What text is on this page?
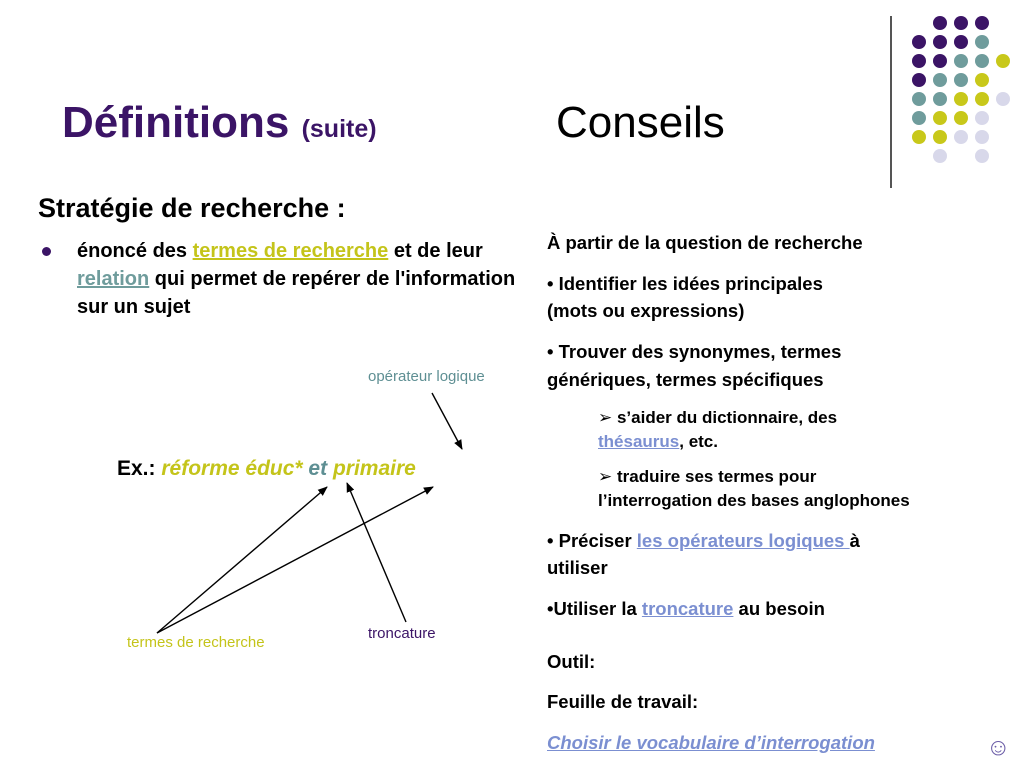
Définitions (suite)	Conseils
Stratégie de recherche :
énoncé des termes de recherche et de leur relation qui permet de repérer de l'information sur un sujet
opérateur logique
Ex.: réforme éduc* et primaire
termes de recherche
troncature
À partir de la question de recherche
• Identifier les idées principales
(mots ou expressions)
• Trouver des synonymes, termes
génériques, termes spécifiques
➢ s’aider du dictionnaire, des
thésaurus, etc.
➢ traduire ses termes pour
l’interrogation des bases anglophones
• Préciser les opérateurs logiques à
utiliser
•Utiliser la troncature au besoin
Outil:
Feuille de travail:
Choisir le vocabulaire d’interrogation	☺
